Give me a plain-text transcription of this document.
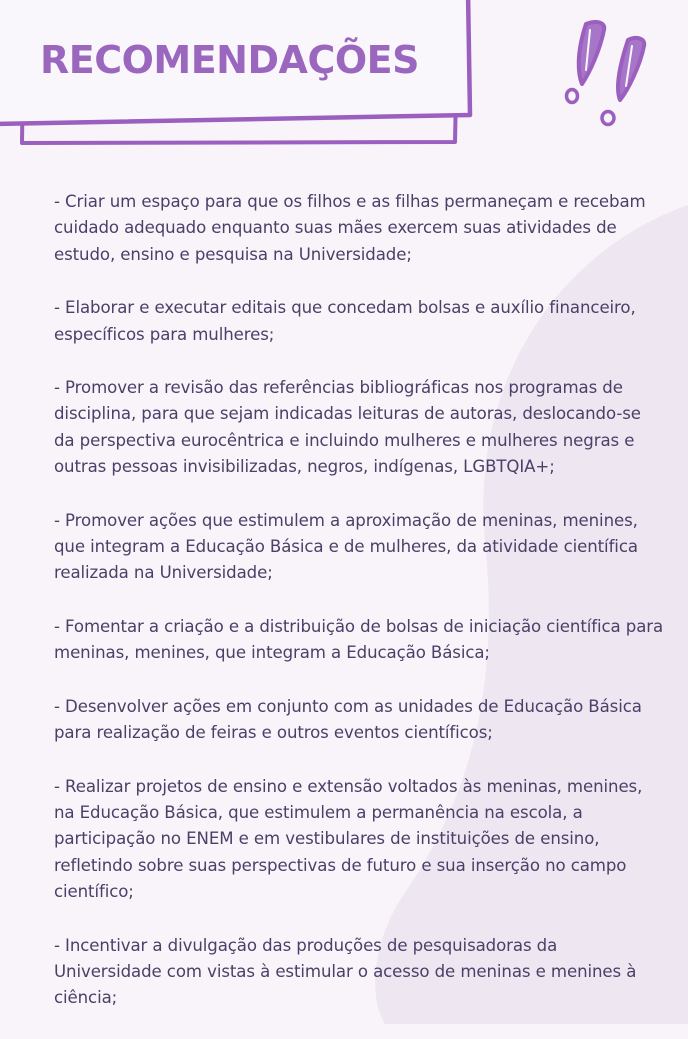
RECOMENDAÇÕES

- Criar um espaço para que os filhos e as filhas permaneçam e recebam cuidado adequado enquanto suas mães exercem suas atividades de estudo, ensino e pesquisa na Universidade;

- Elaborar e executar editais que concedam bolsas e auxílio financeiro, específicos para mulheres;

- Promover a revisão das referências bibliográficas nos programas de disciplina, para que sejam indicadas leituras de autoras, deslocando-se da perspectiva eurocêntrica e incluindo mulheres e mulheres negras e outras pessoas invisibilizadas, negros, indígenas, LGBTQIA+;

- Promover ações que estimulem a aproximação de meninas, menines, que integram a Educação Básica e de mulheres, da atividade científica realizada na Universidade;

- Fomentar a criação e a distribuição de bolsas de iniciação científica para meninas, menines, que integram a Educação Básica;

- Desenvolver ações em conjunto com as unidades de Educação Básica para realização de feiras e outros eventos científicos;

- Realizar projetos de ensino e extensão voltados às meninas, menines, na Educação Básica, que estimulem a permanência na escola, a participação no ENEM e em vestibulares de instituições de ensino, refletindo sobre suas perspectivas de futuro e sua inserção no campo científico;

- Incentivar a divulgação das produções de pesquisadoras da Universidade com vistas à estimular o acesso de meninas e menines à ciência;
